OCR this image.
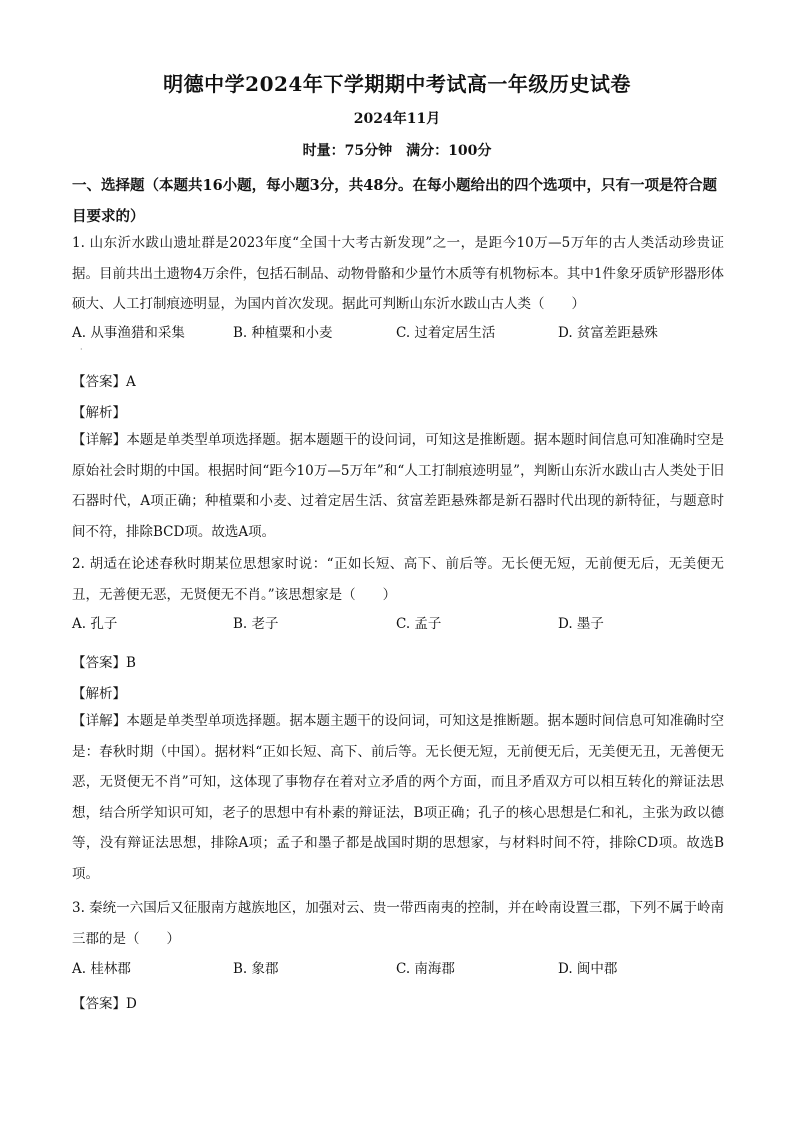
明德中学2024年下学期期中考试高一年级历史试卷
2024年11月
时量：75分钟　满分：100分
一、选择题（本题共16小题，每小题3分，共48分。在每小题给出的四个选项中，只有一项是符合题目要求的）
1. 山东沂水跋山遗址群是2023年度“全国十大考古新发现”之一，是距今10万—5万年的古人类活动珍贵证据。目前共出土遗物4万余件，包括石制品、动物骨骼和少量竹木质等有机物标本。其中1件象牙质铲形器形体硕大、人工打制痕迹明显，为国内首次发现。据此可判断山东沂水跋山古人类（　　）
A. 从事渔猎和采集	B. 种植粟和小麦	C. 过着定居生活	D. 贫富差距悬殊
·
【答案】A
【解析】
【详解】本题是单类型单项选择题。据本题题干的设问词，可知这是推断题。据本题时间信息可知准确时空是原始社会时期的中国。根据时间“距今10万—5万年”和“人工打制痕迹明显”，判断山东沂水跋山古人类处于旧石器时代，A项正确；种植粟和小麦、过着定居生活、贫富差距悬殊都是新石器时代出现的新特征，与题意时间不符，排除BCD项。故选A项。
2. 胡适在论述春秋时期某位思想家时说：“正如长短、高下、前后等。无长便无短，无前便无后，无美便无丑，无善便无恶，无贤便无不肖。”该思想家是（　　）
A. 孔子	B. 老子	C. 孟子	D. 墨子
【答案】B
【解析】
【详解】本题是单类型单项选择题。据本题主题干的设问词，可知这是推断题。据本题时间信息可知准确时空是：春秋时期（中国）。据材料“正如长短、高下、前后等。无长便无短，无前便无后，无美便无丑，无善便无恶，无贤便无不肖”可知，这体现了事物存在着对立矛盾的两个方面，而且矛盾双方可以相互转化的辩证法思想，结合所学知识可知，老子的思想中有朴素的辩证法，B项正确；孔子的核心思想是仁和礼，主张为政以德等，没有辩证法思想，排除A项；孟子和墨子都是战国时期的思想家，与材料时间不符，排除CD项。故选B项。
3. 秦统一六国后又征服南方越族地区，加强对云、贵一带西南夷的控制，并在岭南设置三郡，下列不属于岭南三郡的是（　　）
A. 桂林郡	B. 象郡	C. 南海郡	D. 闽中郡
【答案】D
